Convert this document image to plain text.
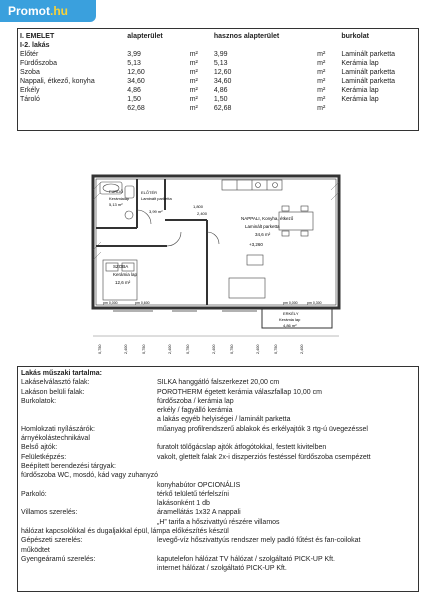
Promot.hu
I. EMELET	alapterület		hasznos alapterület		burkolat
I-2. lakás					
Előtér	3,99	m²	3,99	m²	Laminált parketta
Fürdőszoba	5,13	m²	5,13	m²	Kerámia lap
Szoba	12,60	m²	12,60	m²	Laminált parketta
Nappali, étkező, konyha	34,60	m²	34,60	m²	Laminált parketta
Erkély	4,86	m²	4,86	m²	Kerámia lap
Tároló	1,50	m²	1,50	m²	Kerámia lap
	62,68	m²	62,68	m²	
FÜRDŐ
Kerámialap
5,13 m²
ELŐTÉR
Laminált parketta
3,99 m²
NAPPALI, Konyha, étkező
Laminált parketta
34,6 m²
+3,260
SZOBA
Kerámia lap
12,6 m²
ERKÉLY
Kerámia lap
4,86 m²
1,800
2,400
pm 0,000	pm 0,600	pm 0,000	pm 0,300
0,750	2,400	0,750	2,400	0,750	2,400	0,750	2,400	0,750	2,400
Lakás műszaki tartalma:
Lakáselválasztó falak:	SILKA hanggátló falszerkezet 20,00 cm
Lakáson belüli falak:	POROTHERM égetett kerámia válaszfallap 10,00 cm
Burkolatok:	fürdőszoba / kerámia lap
erkély / fagyálló kerámia
a lakás egyéb helyiségei / laminált parketta
Homlokzati nyílászárók:	műanyag profilrendszerű ablakok és erkélyajtók 3 rtg-ú üvegezéssel
árnyékolástechnikával
Belső ajtók:	furatolt tölőgácslap ajtók átfogótokkal, festett kivitelben
Felületképzés:	vakolt, glettelt falak 2x-i diszperziós festéssel fürdőszoba csempézett
Beépített berendezési tárgyak:
fürdőszoba WC, mosdó, kád vagy zuhanyzó
konyhabútor OPCIONÁLIS
Parkoló:	térkő telületű térfelszíni
lakásonként 1 db
Villamos szerelés:	áramellátás 1x32 A nappali
„H” tarifa a hőszivattyú részére villamos
hálózat kapcsolókkal és dugaljakkal épül, lámpa előkészítés készül
Gépészeti szerelés:	levegő-víz hőszivattyús rendszer mely padló fűtést és fan-coilokat
működtet
Gyengeáramú szerelés:	kaputelefon hálózat TV hálózat / szolgáltató PICK-UP Kft.
internet hálózat / szolgáltató PICK-UP Kft.
